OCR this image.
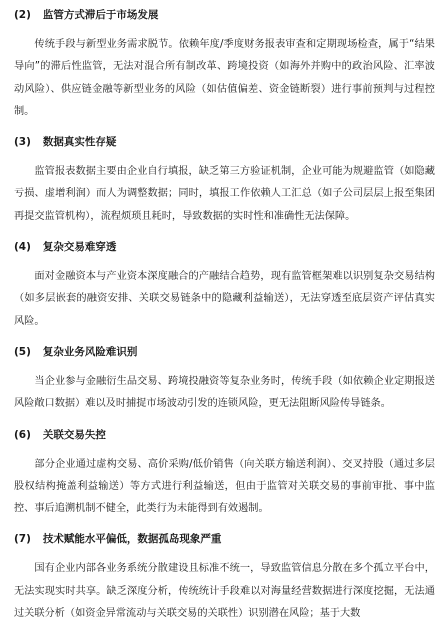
(2) 监管方式滞后于市场发展

传统手段与新型业务需求脱节。依赖年度/季度财务报表审查和定期现场检查，属于“结果导向”的滞后性监管，无法对混合所有制改革、跨境投资（如海外并购中的政治风险、汇率波动风险）、供应链金融等新型业务的风险（如估值偏差、资金链断裂）进行事前预判与过程控制。

(3) 数据真实性存疑

监管报表数据主要由企业自行填报，缺乏第三方验证机制，企业可能为规避监管（如隐藏亏损、虚增利润）而人为调整数据；同时，填报工作依赖人工汇总（如子公司层层上报至集团再提交监管机构），流程烦琐且耗时，导致数据的实时性和准确性无法保障。

(4) 复杂交易难穿透

面对金融资本与产业资本深度融合的产融结合趋势，现有监管框架难以识别复杂交易结构（如多层嵌套的融资安排、关联交易链条中的隐藏利益输送），无法穿透至底层资产评估真实风险。

(5) 复杂业务风险难识别

当企业参与金融衍生品交易、跨境投融资等复杂业务时，传统手段（如依赖企业定期报送风险敞口数据）难以及时捕捉市场波动引发的连锁风险，更无法阻断风险传导链条。

(6) 关联交易失控

部分企业通过虚构交易、高价采购/低价销售（向关联方输送利润）、交叉持股（通过多层股权结构掩盖利益输送）等方式进行利益输送，但由于监管对关联交易的事前审批、事中监控、事后追溯机制不健全，此类行为未能得到有效遏制。

(7) 技术赋能水平偏低，数据孤岛现象严重

国有企业内部各业务系统分散建设且标准不统一，导致监管信息分散在多个孤立平台中，无法实现实时共享。缺乏深度分析，传统统计手段难以对海量经营数据进行深度挖掘，无法通过关联分析（如资金异常流动与关联交易的关联性）识别潜在风险；基于大数
